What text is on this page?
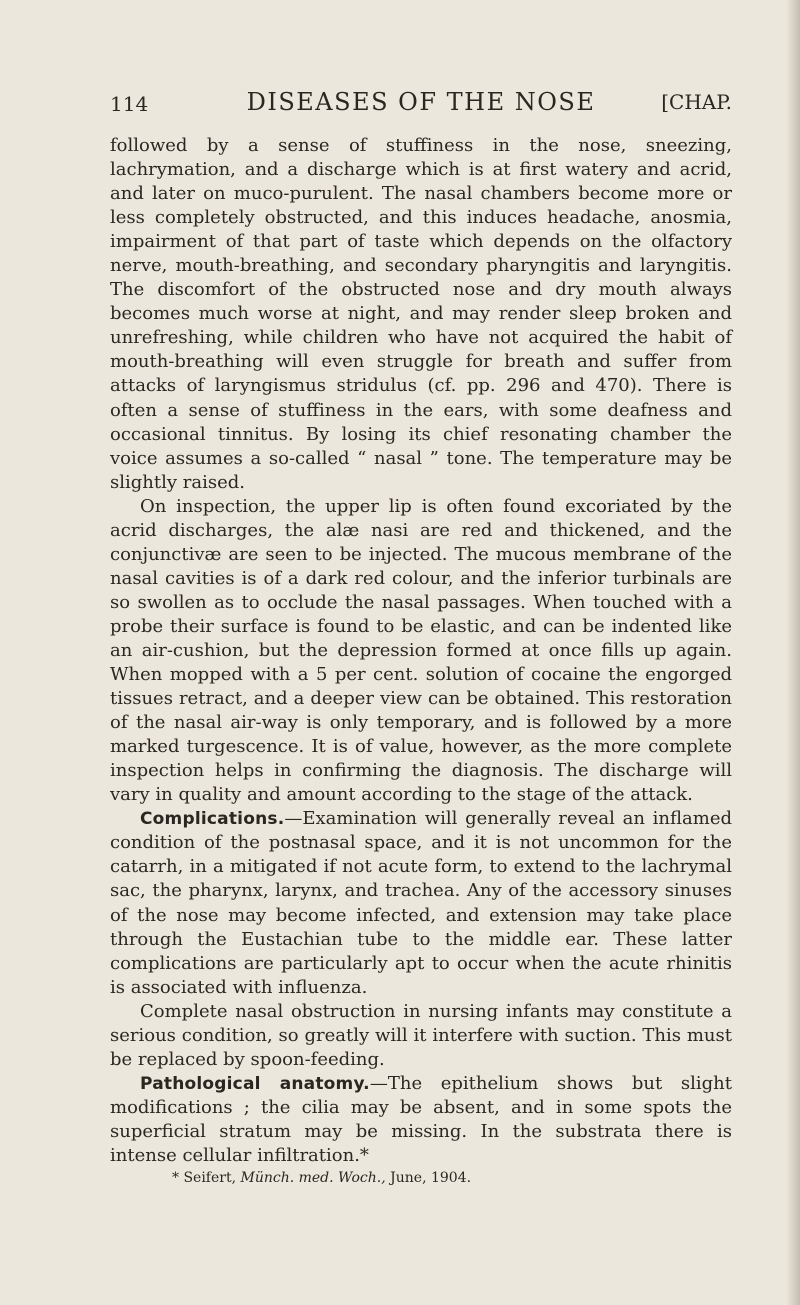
114	DISEASES OF THE NOSE	[CHAP.

followed by a sense of stuffiness in the nose, sneezing, lachrymation, and a discharge which is at first watery and acrid, and later on muco-purulent. The nasal chambers become more or less completely obstructed, and this induces headache, anosmia, impairment of that part of taste which depends on the olfactory nerve, mouth-breathing, and secondary pharyngitis and laryngitis. The discomfort of the obstructed nose and dry mouth always becomes much worse at night, and may render sleep broken and unrefreshing, while children who have not acquired the habit of mouth-breathing will even struggle for breath and suffer from attacks of laryngismus stridulus (cf. pp. 296 and 470). There is often a sense of stuffiness in the ears, with some deafness and occasional tinnitus. By losing its chief resonating chamber the voice assumes a so-called “ nasal ” tone. The temperature may be slightly raised.

On inspection, the upper lip is often found excoriated by the acrid discharges, the alæ nasi are red and thickened, and the conjunctivæ are seen to be injected. The mucous membrane of the nasal cavities is of a dark red colour, and the inferior turbinals are so swollen as to occlude the nasal passages. When touched with a probe their surface is found to be elastic, and can be indented like an air-cushion, but the depression formed at once fills up again. When mopped with a 5 per cent. solution of cocaine the engorged tissues retract, and a deeper view can be obtained. This restoration of the nasal air-way is only temporary, and is followed by a more marked turgescence. It is of value, however, as the more complete inspection helps in confirming the diagnosis. The discharge will vary in quality and amount according to the stage of the attack.

Complications.—Examination will generally reveal an inflamed condition of the postnasal space, and it is not uncommon for the catarrh, in a mitigated if not acute form, to extend to the lachrymal sac, the pharynx, larynx, and trachea. Any of the accessory sinuses of the nose may become infected, and extension may take place through the Eustachian tube to the middle ear. These latter complications are particularly apt to occur when the acute rhinitis is associated with influenza.

Complete nasal obstruction in nursing infants may constitute a serious condition, so greatly will it interfere with suction. This must be replaced by spoon-feeding.

Pathological anatomy.—The epithelium shows but slight modifications ; the cilia may be absent, and in some spots the superficial stratum may be missing. In the substrata there is intense cellular infiltration.*

* Seifert, Münch. med. Woch., June, 1904.
